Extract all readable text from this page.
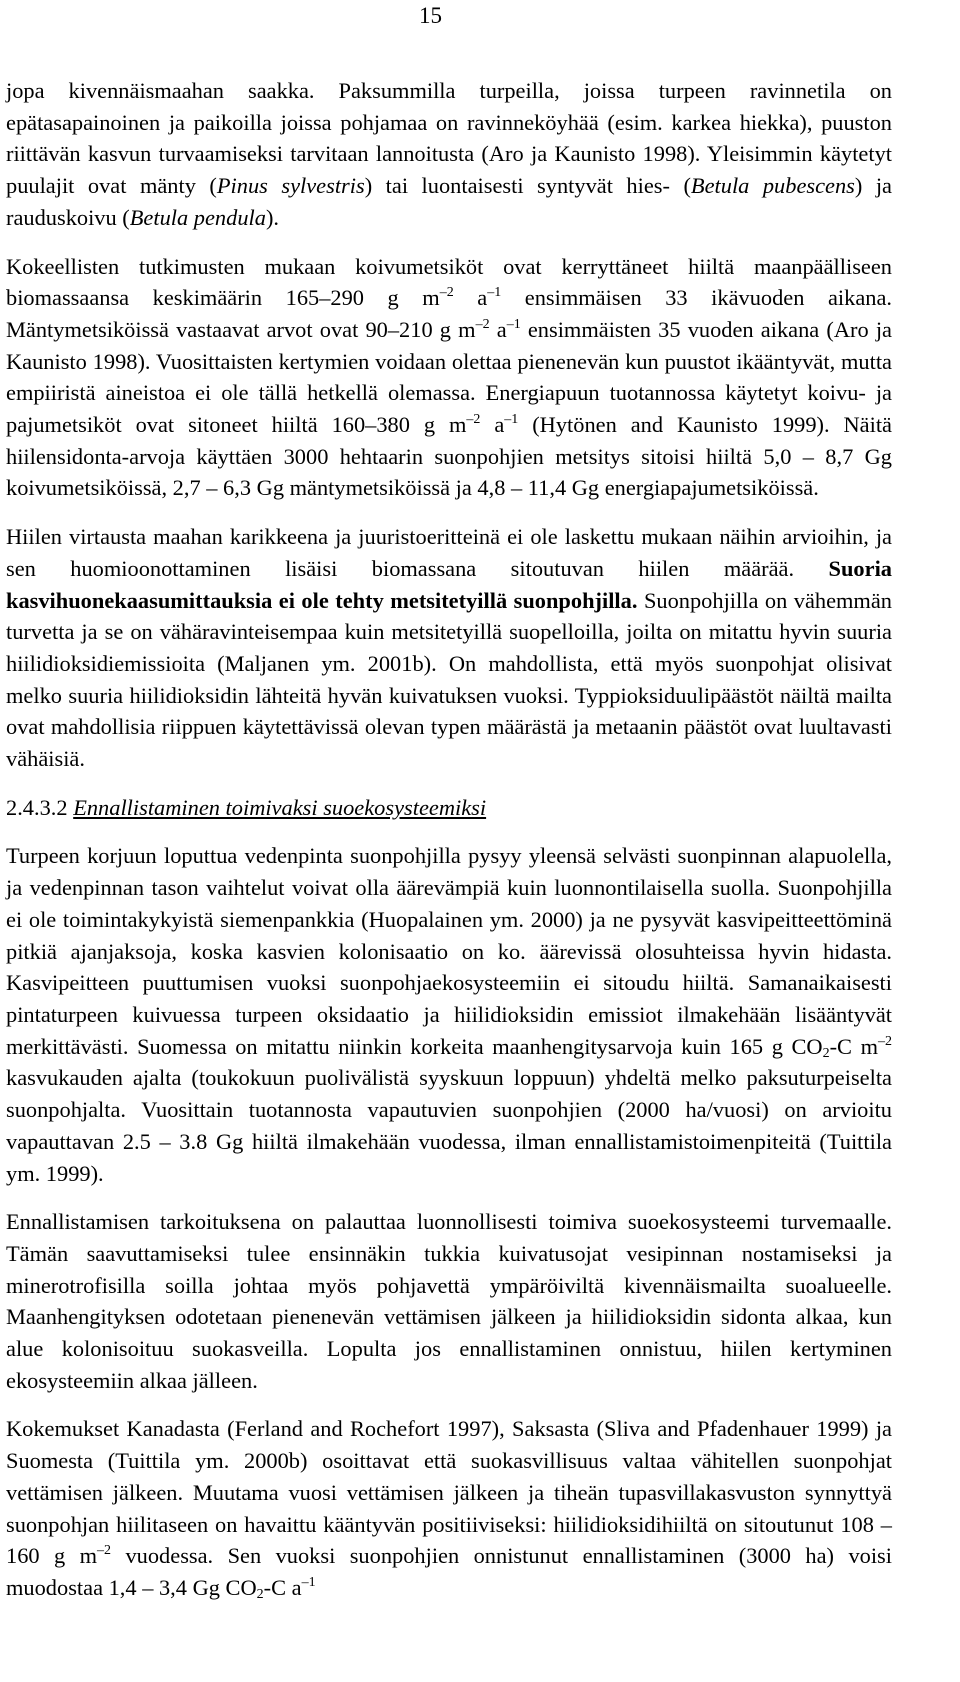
15

jopa kivennäismaahan saakka. Paksummilla turpeilla, joissa turpeen ravinnetila on epätasapainoinen ja paikoilla joissa pohjamaa on ravinneköyhää (esim. karkea hiekka), puuston riittävän kasvun turvaamiseksi tarvitaan lannoitusta (Aro ja Kaunisto 1998). Yleisimmin käytetyt puulajit ovat mänty (Pinus sylvestris) tai luontaisesti syntyvät hies- (Betula pubescens) ja rauduskoivu (Betula pendula).

Kokeellisten tutkimusten mukaan koivumetsiköt ovat kerryttäneet hiiltä maanpäälliseen biomassaansa keskimäärin 165–290 g $m^{-2}$ $a^{-1}$ ensimmäisen 33 ikävuoden aikana. Mäntymetsiköissä vastaavat arvot ovat 90–210 g $m^{-2}$ $a^{-1}$ ensimmäisten 35 vuoden aikana (Aro ja Kaunisto 1998). Vuosittaisten kertymien voidaan olettaa pienenevän kun puustot ikääntyvät, mutta empiiristä aineistoa ei ole tällä hetkellä olemassa. Energiapuun tuotannossa käytetyt koivu- ja pajumetsiköt ovat sitoneet hiiltä 160–380 g $m^{-2}$ $a^{-1}$ (Hytönen and Kaunisto 1999). Näitä hiilensidonta-arvoja käyttäen 3000 hehtaarin suonpohjien metsitys sitoisi hiiltä 5,0 – 8,7 Gg koivumetsiköissä, 2,7 – 6,3 Gg mäntymetsiköissä ja 4,8 – 11,4 Gg energiapajumetsiköissä.

Hiilen virtausta maahan karikkeena ja juuristoeritteinä ei ole laskettu mukaan näihin arvioihin, ja sen huomioonottaminen lisäisi biomassana sitoutuvan hiilen määrää. Suoria kasvihuonekaasumittauksia ei ole tehty metsitetyillä suonpohjilla. Suonpohjilla on vähemmän turvetta ja se on vähäravinteisempaa kuin metsitetyillä suopelloilla, joilta on mitattu hyvin suuria hiilidioksidiemissioita (Maljanen ym. 2001b). On mahdollista, että myös suonpohjat olisivat melko suuria hiilidioksidin lähteitä hyvän kuivatuksen vuoksi. Typpioksiduulipäästöt näiltä mailta ovat mahdollisia riippuen käytettävissä olevan typen määrästä ja metaanin päästöt ovat luultavasti vähäisiä.

2.4.3.2 Ennallistaminen toimivaksi suoekosysteemiksi

Turpeen korjuun loputtua vedenpinta suonpohjilla pysyy yleensä selvästi suonpinnan alapuolella, ja vedenpinnan tason vaihtelut voivat olla äärevämpiä kuin luonnontilaisella suolla. Suonpohjilla ei ole toimintakykyistä siemenpankkia (Huopalainen ym. 2000) ja ne pysyvät kasvipeitteettöminä pitkiä ajanjaksoja, koska kasvien kolonisaatio on ko. äärevissä olosuhteissa hyvin hidasta. Kasvipeitteen puuttumisen vuoksi suonpohjaekosysteemiin ei sitoudu hiiltä. Samanaikaisesti pintaturpeen kuivuessa turpeen oksidaatio ja hiilidioksidin emissiot ilmakehään lisääntyvät merkittävästi. Suomessa on mitattu niinkin korkeita maanhengitysarvoja kuin 165 g $CO_2-C$ $m^{-2}$ kasvukauden ajalta (toukokuun puolivälistä syyskuun loppuun) yhdeltä melko paksuturpeiselta suonpohjalta. Vuosittain tuotannosta vapautuvien suonpohjien (2000 ha/vuosi) on arvioitu vapauttavan 2.5 – 3.8 Gg hiiltä ilmakehään vuodessa, ilman ennallistamistoimenpiteitä (Tuittila ym. 1999).

Ennallistamisen tarkoituksena on palauttaa luonnollisesti toimiva suoekosysteemi turvemaalle. Tämän saavuttamiseksi tulee ensinnäkin tukkia kuivatusojat vesipinnan nostamiseksi ja minerotrofisilla soilla johtaa myös pohjavettä ympäröiviltä kivennäismailta suoalueelle. Maanhengityksen odotetaan pienenevän vettämisen jälkeen ja hiilidioksidin sidonta alkaa, kun alue kolonisoituu suokasveilla. Lopulta jos ennallistaminen onnistuu, hiilen kertyminen ekosysteemiin alkaa jälleen.

Kokemukset Kanadasta (Ferland and Rochefort 1997), Saksasta (Sliva and Pfadenhauer 1999) ja Suomesta (Tuittila ym. 2000b) osoittavat että suokasvillisuus valtaa vähitellen suonpohjat vettämisen jälkeen. Muutama vuosi vettämisen jälkeen ja tiheän tupasvillakasvuston synnyttyä suonpohjan hiilitaseen on havaittu kääntyvän positiiviseksi: hiilidioksidihiiltä on sitoutunut 108 – 160 g $m^{-2}$ vuodessa. Sen vuoksi suonpohjien onnistunut ennallistaminen (3000 ha) voisi muodostaa 1,4 – 3,4 Gg $CO_2-C$ $a^{-1}$
